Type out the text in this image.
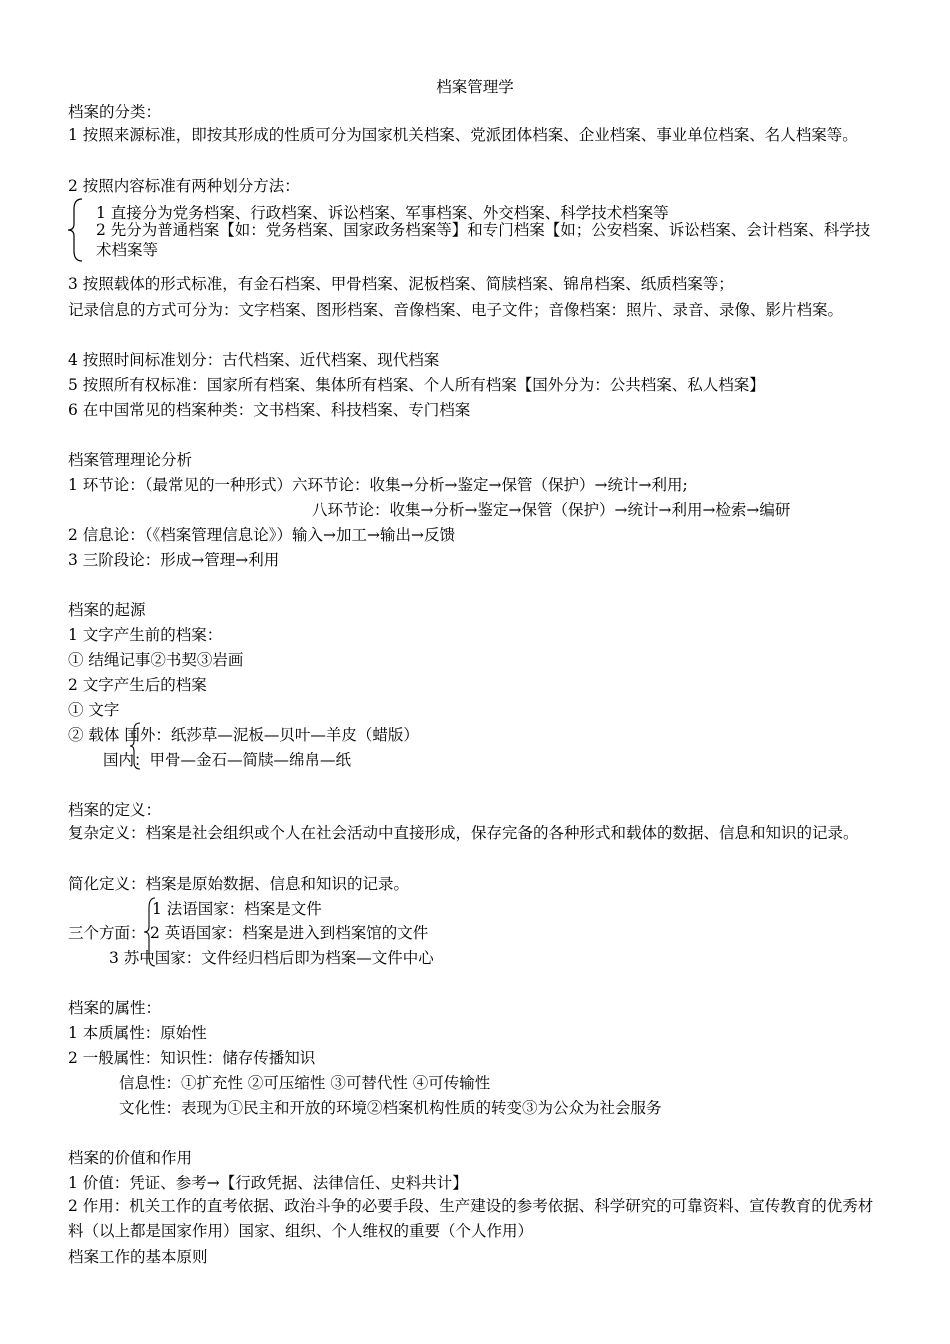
档案管理学
档案的分类：
1 按照来源标准，即按其形成的性质可分为国家机关档案、党派团体档案、企业档案、事业单位档案、名人档案等。
2 按照内容标准有两种划分方法：
1 直接分为党务档案、行政档案、诉讼档案、军事档案、外交档案、科学技术档案等
2 先分为普通档案【如：党务档案、国家政务档案等】和专门档案【如；公安档案、诉讼档案、会计档案、科学技术档案等
3 按照载体的形式标准，有金石档案、甲骨档案、泥板档案、简牍档案、锦帛档案、纸质档案等；
记录信息的方式可分为：文字档案、图形档案、音像档案、电子文件；音像档案：照片、录音、录像、影片档案。
4 按照时间标准划分：古代档案、近代档案、现代档案
5 按照所有权标准：国家所有档案、集体所有档案、个人所有档案【国外分为：公共档案、私人档案】
6 在中国常见的档案种类：文书档案、科技档案、专门档案
档案管理理论分析
1 环节论：（最常见的一种形式）六环节论：收集→分析→鉴定→保管（保护）→统计→利用;
八环节论：收集→分析→鉴定→保管（保护）→统计→利用→检索→编研
2 信息论：（《档案管理信息论》）输入→加工→输出→反馈
3 三阶段论：形成→管理→利用
档案的起源
1 文字产生前的档案：
① 结绳记事②书契③岩画
2 文字产生后的档案
① 文字
② 载体 国外：纸莎草—泥板—贝叶—羊皮（蜡版）
国内：甲骨—金石—简牍—绵帛—纸
档案的定义：
复杂定义：档案是社会组织或个人在社会活动中直接形成，保存完备的各种形式和载体的数据、信息和知识的记录。
简化定义：档案是原始数据、信息和知识的记录。
1 法语国家：档案是文件
三个方面： 2 英语国家：档案是进入到档案馆的文件
3 苏中国家：文件经归档后即为档案—文件中心
档案的属性：
1 本质属性：原始性
2 一般属性：知识性：储存传播知识
信息性：①扩充性 ②可压缩性 ③可替代性 ④可传输性
文化性：表现为①民主和开放的环境②档案机构性质的转变③为公众为社会服务
档案的价值和作用
1 价值：凭证、参考→【行政凭据、法律信任、史料共计】
2 作用：机关工作的直考依据、政治斗争的必要手段、生产建设的参考依据、科学研究的可靠资料、宣传教育的优秀材料（以上都是国家作用）国家、组织、个人维权的重要（个人作用）
档案工作的基本原则
